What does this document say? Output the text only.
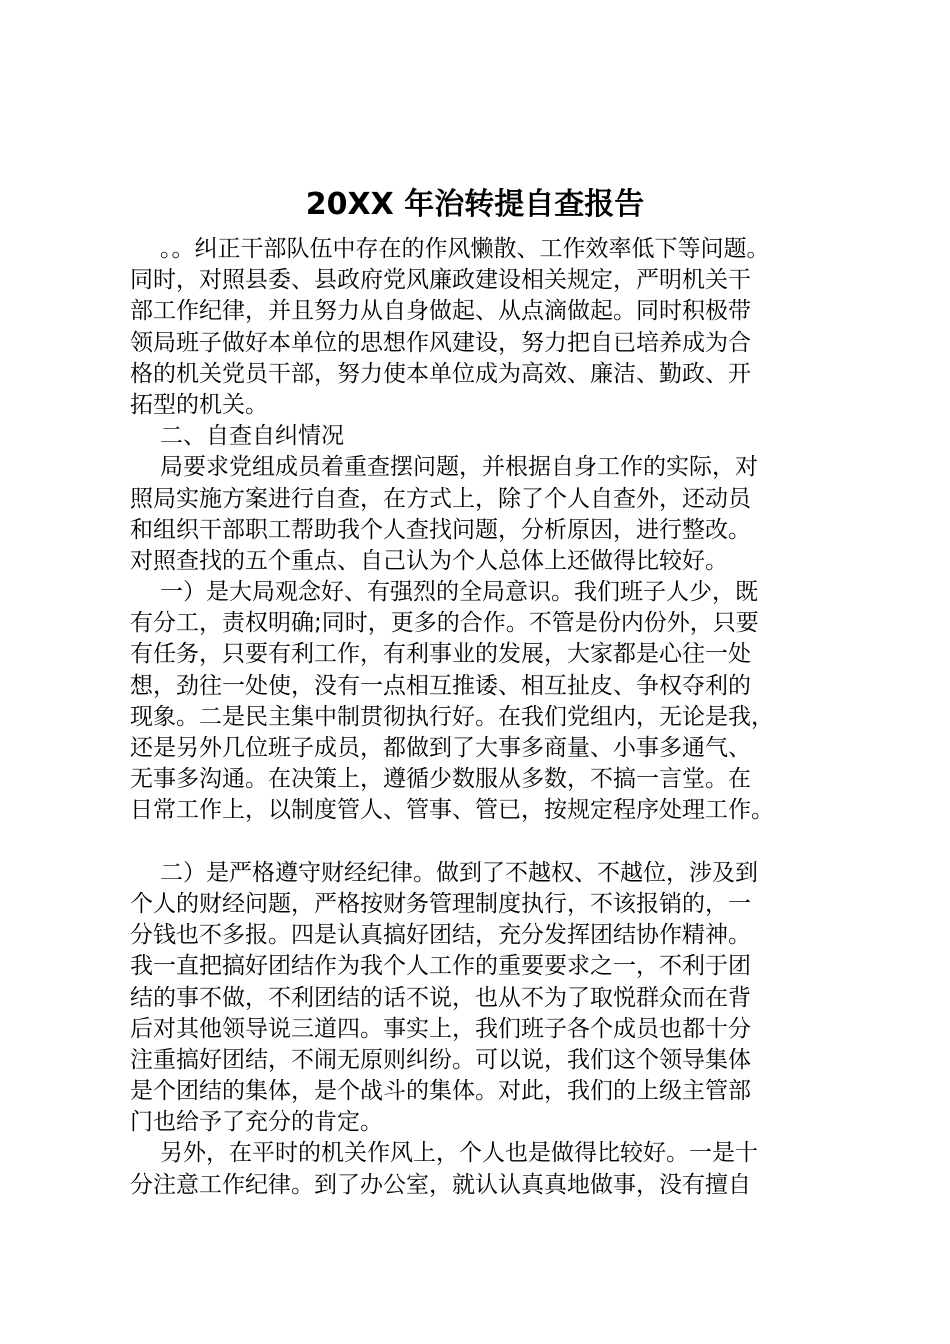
20XX 年治转提自查报告
。。纠正干部队伍中存在的作风懒散、工作效率低下等问题。
同时，对照县委、县政府党风廉政建设相关规定，严明机关干
部工作纪律，并且努力从自身做起、从点滴做起。同时积极带
领局班子做好本单位的思想作风建设，努力把自已培养成为合
格的机关党员干部，努力使本单位成为高效、廉洁、勤政、开
拓型的机关。
二、自查自纠情况
局要求党组成员着重查摆问题，并根据自身工作的实际，对
照局实施方案进行自查，在方式上，除了个人自查外，还动员
和组织干部职工帮助我个人查找问题，分析原因，进行整改。
对照查找的五个重点、自己认为个人总体上还做得比较好。
一）是大局观念好、有强烈的全局意识。我们班子人少，既
有分工，责权明确;同时，更多的合作。不管是份内份外，只要
有任务，只要有利工作，有利事业的发展，大家都是心往一处
想，劲往一处使，没有一点相互推诿、相互扯皮、争权夺利的
现象。二是民主集中制贯彻执行好。在我们党组内，无论是我，
还是另外几位班子成员，都做到了大事多商量、小事多通气、
无事多沟通。在决策上，遵循少数服从多数，不搞一言堂。在
日常工作上，以制度管人、管事、管已，按规定程序处理工作。
二）是严格遵守财经纪律。做到了不越权、不越位，涉及到
个人的财经问题，严格按财务管理制度执行，不该报销的，一
分钱也不多报。四是认真搞好团结，充分发挥团结协作精神。
我一直把搞好团结作为我个人工作的重要要求之一，不利于团
结的事不做，不利团结的话不说，也从不为了取悦群众而在背
后对其他领导说三道四。事实上，我们班子各个成员也都十分
注重搞好团结，不闹无原则纠纷。可以说，我们这个领导集体
是个团结的集体，是个战斗的集体。对此，我们的上级主管部
门也给予了充分的肯定。
另外，在平时的机关作风上，个人也是做得比较好。一是十
分注意工作纪律。到了办公室，就认认真真地做事，没有擅自
